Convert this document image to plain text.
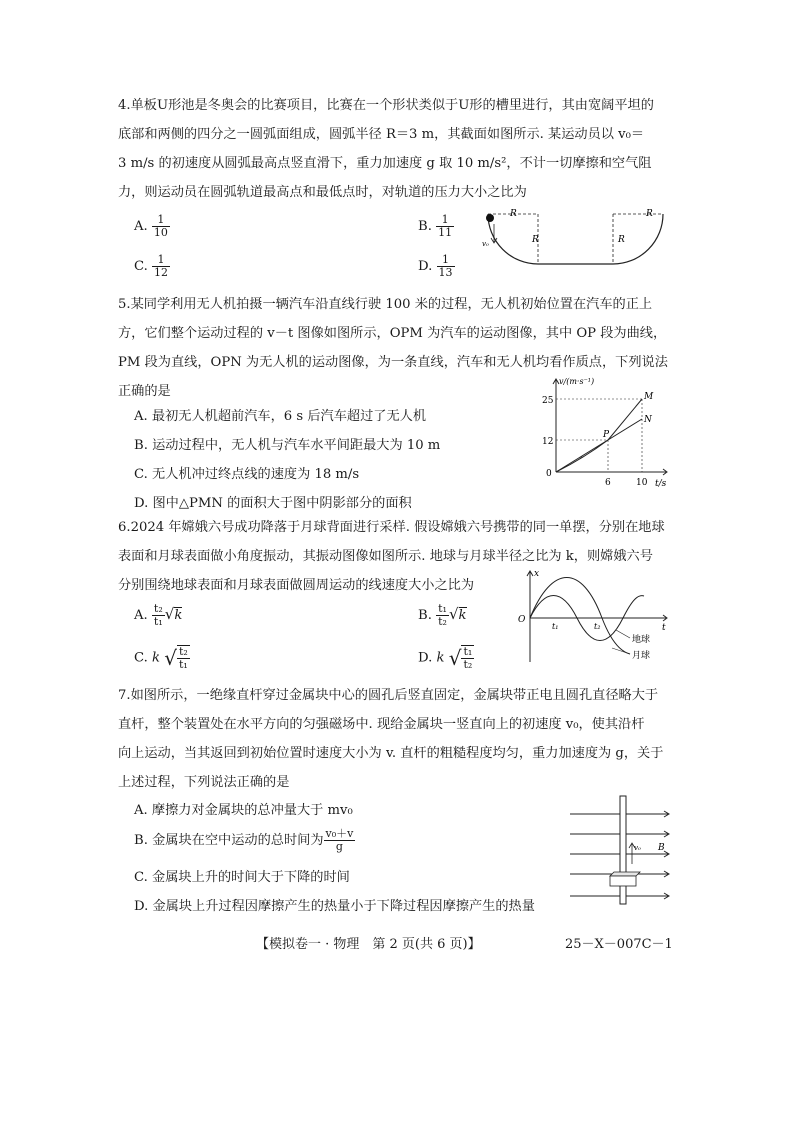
4.单板U形池是冬奥会的比赛项目，比赛在一个形状类似于U形的槽里进行，其由宽阔平坦的
底部和两侧的四分之一圆弧面组成，圆弧半径 R＝3 m，其截面如图所示. 某运动员以 v₀＝
3 m/s 的初速度从圆弧最高点竖直滑下，重力加速度 g 取 10 m/s²，不计一切摩擦和空气阻
力，则运动员在圆弧轨道最高点和最低点时，对轨道的压力大小之比为
A. $\frac{1}{10}$	B. $\frac{1}{11}$
C. $\frac{1}{12}$	D. $\frac{1}{13}$
v₀
R
R	R
R
5.某同学利用无人机拍摄一辆汽车沿直线行驶 100 米的过程，无人机初始位置在汽车的正上
方，它们整个运动过程的 v－t 图像如图所示，OPM 为汽车的运动图像，其中 OP 段为曲线，
PM 段为直线，OPN 为无人机的运动图像，为一条直线，汽车和无人机均看作质点，下列说法
正确的是
A. 最初无人机超前汽车，6 s 后汽车超过了无人机
B. 运动过程中，无人机与汽车水平间距最大为 10 m
C. 无人机冲过终点线的速度为 18 m/s
D. 图中△PMN 的面积大于图中阴影部分的面积
v/(m·s⁻¹)
t/s
0
25
12
6	10
M
N
P
6.2024 年嫦娥六号成功降落于月球背面进行采样. 假设嫦娥六号携带的同一单摆，分别在地球
表面和月球表面做小角度振动，其振动图像如图所示. 地球与月球半径之比为 k，则嫦娥六号
分别围绕地球表面和月球表面做圆周运动的线速度大小之比为
A. $\frac{\text{t₂}}{\text{t₁}} √k$	B. $\frac{\text{t₁}}{\text{t₂}} √k$
C. k √ $\frac{\text{t₂}}{\text{t₁}}$	D. k √ $\frac{\text{t₁}}{\text{t₂}}$
x
t
O
t₁	t₂
地球
月球
7.如图所示，一绝缘直杆穿过金属块中心的圆孔后竖直固定，金属块带正电且圆孔直径略大于
直杆，整个装置处在水平方向的匀强磁场中. 现给金属块一竖直向上的初速度 v₀，使其沿杆
向上运动，当其返回到初始位置时速度大小为 v. 直杆的粗糙程度均匀，重力加速度为 g，关于
上述过程，下列说法正确的是
A. 摩擦力对金属块的总冲量大于 mv₀
B. 金属块在空中运动的总时间为 $\frac{\text{v₀＋v}}{g}$
C. 金属块上升的时间大于下降的时间
D. 金属块上升过程因摩擦产生的热量小于下降过程因摩擦产生的热量
v₀ B
【模拟卷一 · 物理　第 2 页(共 6 页)】	25－X－007C－1
